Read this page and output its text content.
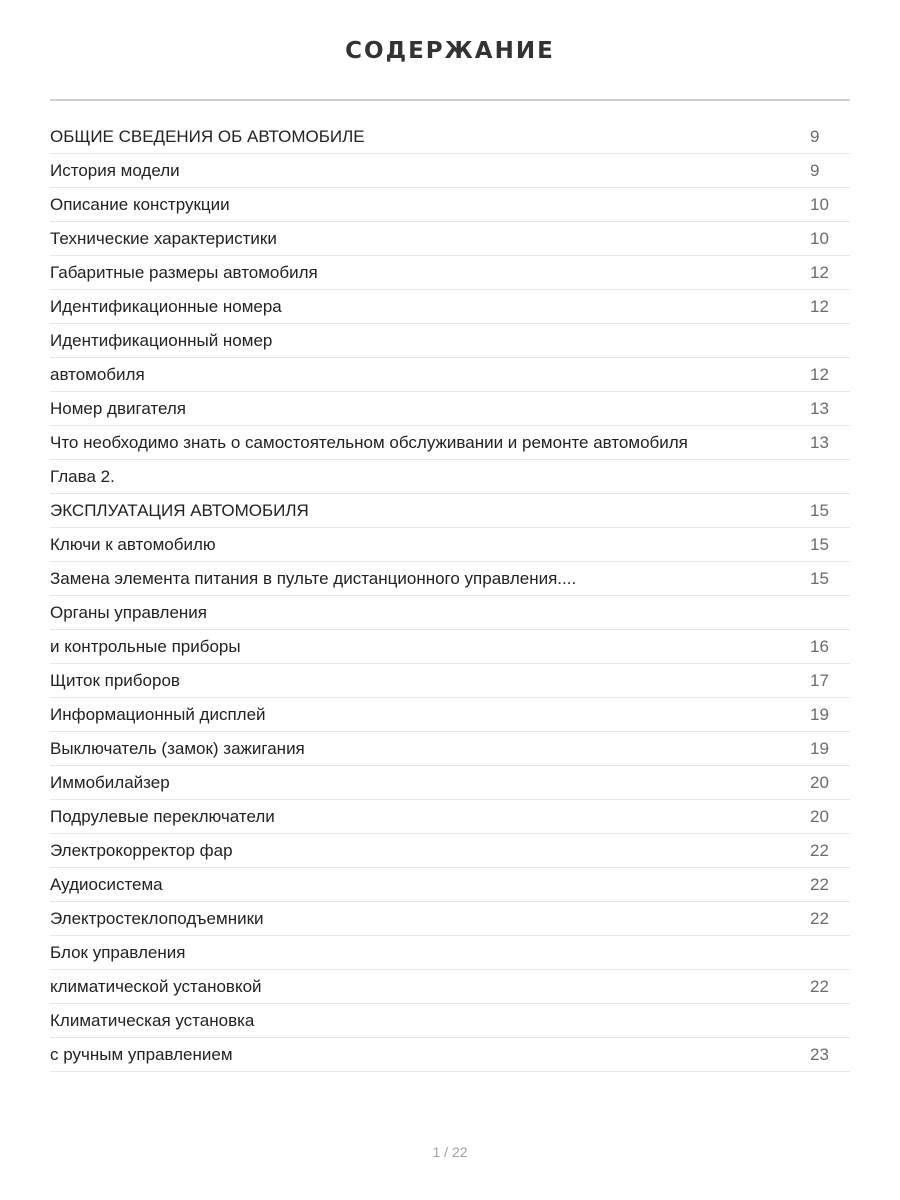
СОДЕРЖАНИЕ
ОБЩИЕ СВЕДЕНИЯ ОБ АВТОМОБИЛЕ	9
История модели	9
Описание конструкции	10
Технические характеристики	10
Габаритные размеры автомобиля	12
Идентификационные номера	12
Идентификационный номер
автомобиля	12
Номер двигателя	13
Что необходимо знать о самостоятельном обслуживании и ремонте автомобиля	13
Глава 2.
ЭКСПЛУАТАЦИЯ АВТОМОБИЛЯ	15
Ключи к автомобилю	15
Замена элемента питания в пульте дистанционного управления....	15
Органы управления
и контрольные приборы	16
Щиток приборов	17
Информационный дисплей	19
Выключатель (замок) зажигания	19
Иммобилайзер	20
Подрулевые переключатели	20
Электрокорректор фар	22
Аудиосистема	22
Электростеклоподъемники	22
Блок управления
климатической установкой	22
Климатическая установка
с ручным управлением	23
1 / 22
